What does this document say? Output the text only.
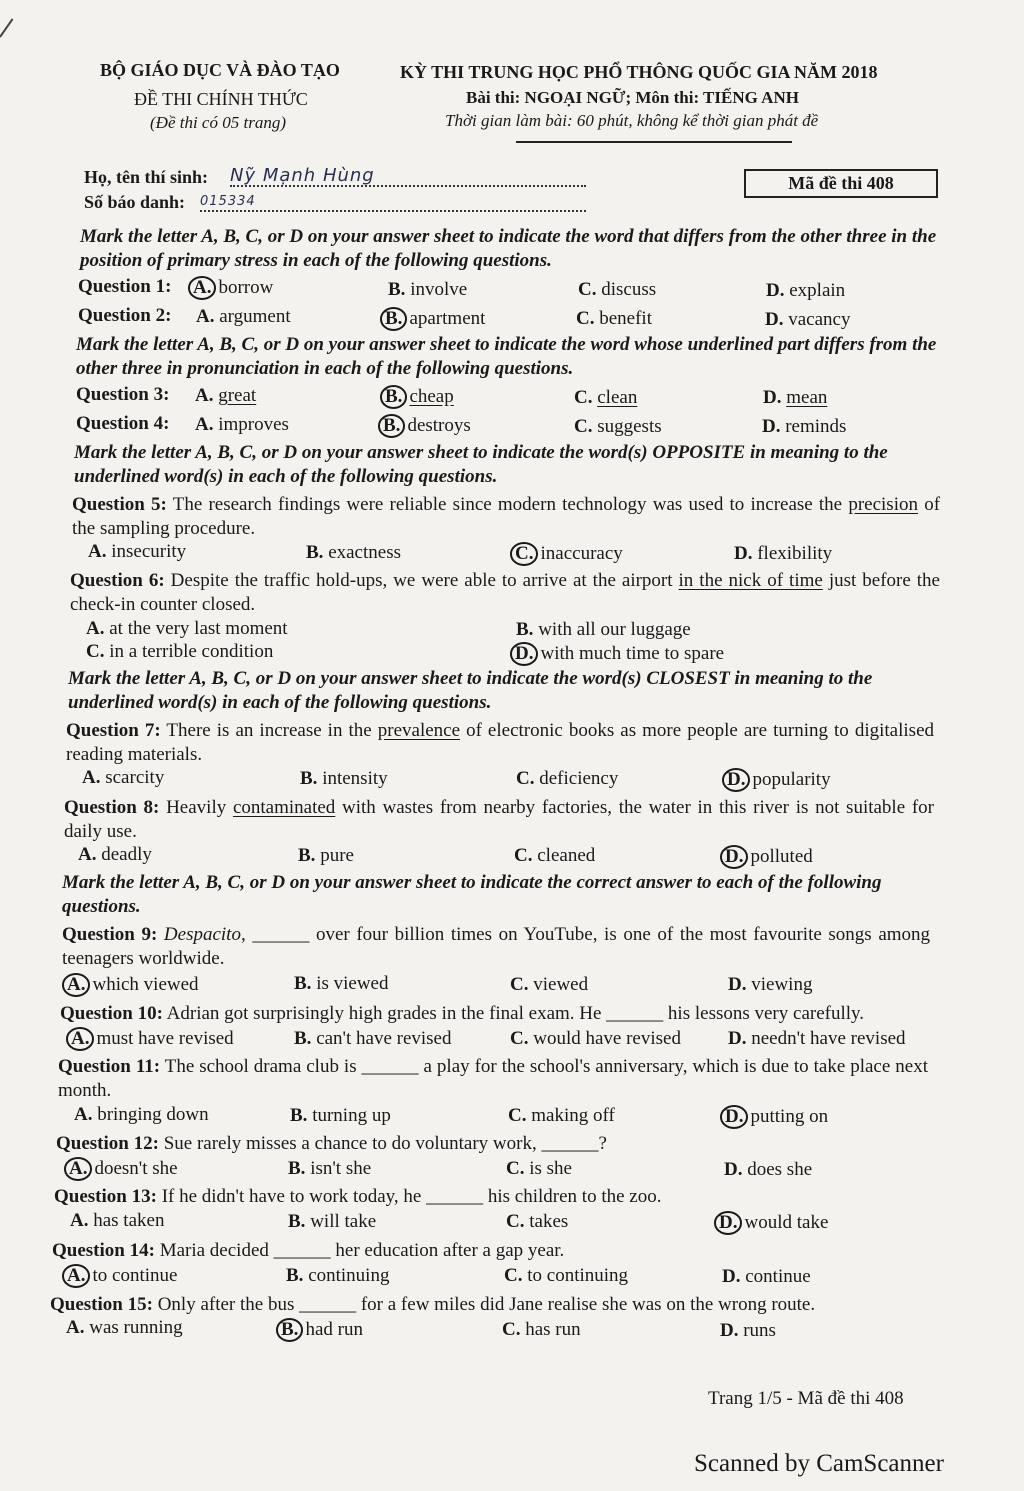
BỘ GIÁO DỤC VÀ ĐÀO TẠO
ĐỀ THI CHÍNH THỨC
(Đề thi có 05 trang)
KỲ THI TRUNG HỌC PHỔ THÔNG QUỐC GIA NĂM 2018
Bài thi: NGOẠI NGỮ; Môn thi: TIẾNG ANH
Thời gian làm bài: 60 phút, không kể thời gian phát đề
Họ, tên thí sinh: Nỹ Mạnh Hùng
Số báo danh: 015334
Mã đề thi 408
Mark the letter A, B, C, or D on your answer sheet to indicate the word that differs from the other three in the position of primary stress in each of the following questions.
Question 1: A. borrow	B. involve	C. discuss	D. explain
Question 2: A. argument	B. apartment	C. benefit	D. vacancy
Mark the letter A, B, C, or D on your answer sheet to indicate the word whose underlined part differs from the other three in pronunciation in each of the following questions.
Question 3: A. great	B. cheap	C. clean	D. mean
Question 4: A. improves	B. destroys	C. suggests	D. reminds
Mark the letter A, B, C, or D on your answer sheet to indicate the word(s) OPPOSITE in meaning to the underlined word(s) in each of the following questions.
Question 5: The research findings were reliable since modern technology was used to increase the precision of the sampling procedure.
A. insecurity	B. exactness	C. inaccuracy	D. flexibility
Question 6: Despite the traffic hold-ups, we were able to arrive at the airport in the nick of time just before the check-in counter closed.
A. at the very last moment	B. with all our luggage
C. in a terrible condition	D. with much time to spare
Mark the letter A, B, C, or D on your answer sheet to indicate the word(s) CLOSEST in meaning to the underlined word(s) in each of the following questions.
Question 7: There is an increase in the prevalence of electronic books as more people are turning to digitalised reading materials.
A. scarcity	B. intensity	C. deficiency	D. popularity
Question 8: Heavily contaminated with wastes from nearby factories, the water in this river is not suitable for daily use.
A. deadly	B. pure	C. cleaned	D. polluted
Mark the letter A, B, C, or D on your answer sheet to indicate the correct answer to each of the following questions.
Question 9: Despacito, ______ over four billion times on YouTube, is one of the most favourite songs among teenagers worldwide.
A. which viewed	B. is viewed	C. viewed	D. viewing
Question 10: Adrian got surprisingly high grades in the final exam. He ______ his lessons very carefully.
A. must have revised	B. can't have revised	C. would have revised D. needn't have revised
Question 11: The school drama club is ______ a play for the school's anniversary, which is due to take place next month.
A. bringing down	B. turning up	C. making off	D. putting on
Question 12: Sue rarely misses a chance to do voluntary work, ______?
A. doesn't she	B. isn't she	C. is she	D. does she
Question 13: If he didn't have to work today, he ______ his children to the zoo.
A. has taken	B. will take	C. takes	D. would take
Question 14: Maria decided ______ her education after a gap year.
A. to continue	B. continuing	C. to continuing	D. continue
Question 15: Only after the bus ______ for a few miles did Jane realise she was on the wrong route.
A. was running	B. had run	C. has run	D. runs
Trang 1/5 - Mã đề thi 408
Scanned by CamScanner
